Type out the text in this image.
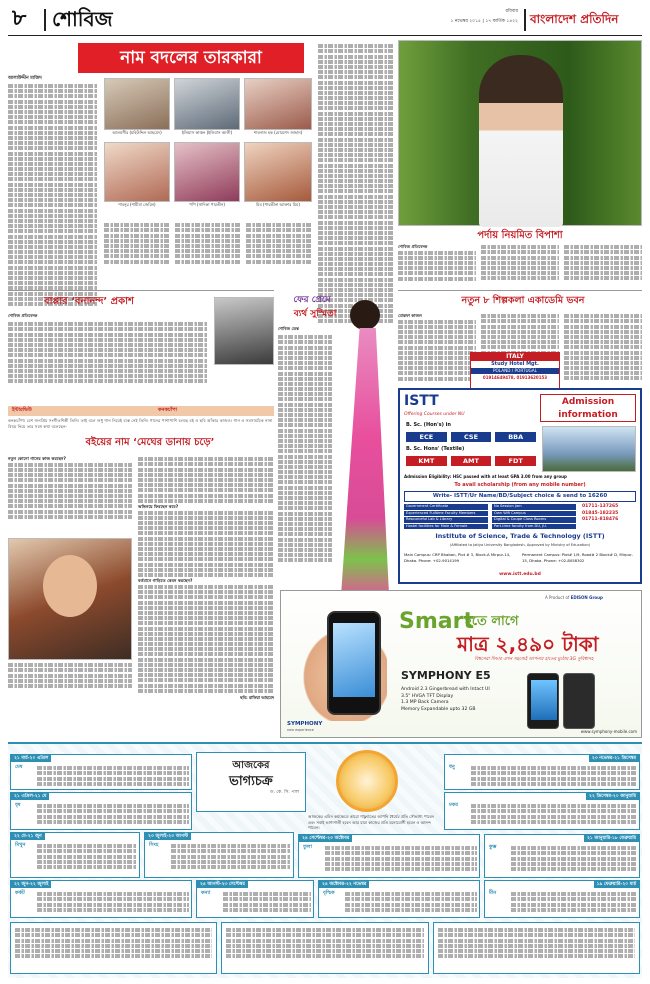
৮ শোবিজ	রবিবার
১ নভেম্বর ২০১৫ | ১৭ কার্তিক ১৪২২ বাংলাদেশ প্রতিদিন
নাম বদলের তারকারা
আলাউদ্দীন মাজিদ
আলমগীর (মহিউদ্দিন আহমেদ)	ইলিয়াস কাঞ্চন (ইলিয়াস আলী)	শাবনাজ হক (মোরশেদ জাহান)
শাবনূর (শামীমা জেরিন)	পপি (সাদিকা পারভীন)	মিম (পারভীনা আক্তার মিম)
পর্দায় নিয়মিত বিপাশা
শোবিজ প্রতিবেদক
বাপ্পার ‘বনানন্দ’ প্রকাশ
শোবিজ প্রতিবেদক
ফের প্রেমে
ব্যর্থ সুস্মিতা
শোবিজ ডেস্ক
নতুন ৮ শিল্পকলা একাডেমি ভবন
মোস্তফা কাজল
ITALY
Study Hotel Mgt.
POLAND / PORTUGAL
01914649478, 01913620153
ISTT
Offering Courses under NU
Admission information
B. Sc. (Hon's) in
ECE	CSE	BBA
B. Sc. Hons' (Textile)
KMT	AMT	FDT
Admission Eligibility: HSC passed with at least GPA 3.00 from any group
To avail scholarship (from any mobile number)
Write- ISTT/Ur Name/BD/Subject choice & send to 16260
Government Certificate	No Session Jam
Experienced Fulltime Faculty Members	Own Wifi Campus
Resourceful Lab & Library	Digital & Coupe Class Rooms
Hostel facilities for Male & Female	Part-time faculty from DU, JU.
01711-137265 01845-182235 01711-818476
Institute of Science, Trade & Technology (ISTT)
(Affiliated to Jatiya University Bangladesh, Approved by Ministry of Education)
Main Campus: CRP Bhaban, Plot # 3, Block-A Mirpur-14, Dhaka. Phone: +02-9014199
Permanent Campus: Plot# 1/9, Road# 2 Block# D, Mirpur-15, Dhaka. Phone: +02-8058302
www.istt.edu.bd
ইন্টারভিউ	কনকচাঁপা
কনকচাঁপা। বেশ জনপ্রিয় সংগীতশিল্পী তিনি। তাই বলে শুধু গান নিয়েই ব্যস্ত নেই তিনি। গানের পাশাপাশি চলছে বই ও ছবি আঁকার কাজও। গান ও সমসাময়িক নানা বিষয় নিয়ে তার সঙ্গে কথা বলেছেন-
বইয়ের নাম ‘মেঘের ডানায় চড়ে’
নতুন কোনো গানের কাজ করছেন?
অভিনয়ে ফিরছেন কবে?
বর্তমানে গাড়িতে কেমন করছেন?
ছবি: রাফিয়া আহমেদ
A Product of EDISON Group
Smart
হতে লাগে
মাত্র ২,৪৯০ টাকা
বিশ্বসেরা ফিচার এখন সহজেই আপনার হাতের মুঠোয় 3G সুবিধাসহ
SYMPHONY E5
Android 2.3 Gingerbread with Intact UI
3.5" HVGA TFT Display
1.3 MP Back Camera
Memory Expandable upto 32 GB
SYMPHONY
new experience	www.symphony-mobile.com
আজকের
ভাগ্যচক্র
ড. কে. সি. পাল
আজকের এমিন কর্মক্ষেত্রে কারো গাফ্ল্যাতের আপনি ধৈর্যের প্রতি সৌভাগ্য পাবেন এবং সবাই ভাগ্যশালী হবেন আর যারা কাজের প্রতি মনোযোগী হবেন ও আনন্দ পাবেন।
২১ মার্চ-২০ এপ্রিল
মেষ
২১ এপ্রিল-২১ মে
বৃষ
২২ মে-২১ জুন
মিথুন
২২ জুন-২২ জুলাই
কর্কট
২৩ জুলাই-২৩ আগস্ট
সিংহ
২৪ আগস্ট-২৩ সেপ্টেম্বর
কন্যা
২৪ সেপ্টেম্বর-২৩ অক্টোবর
তুলা
২৪ অক্টোবর-২২ নভেম্বর
বৃশ্চিক
২৩ নভেম্বর-২১ ডিসেম্বর
ধনু
২২ ডিসেম্বর-২০ জানুয়ারি
মকর
২১ জানুয়ারি-১৮ ফেব্রুয়ারি
কুম্ভ
১৯ ফেব্রুয়ারি-২০ মার্চ
মীন
